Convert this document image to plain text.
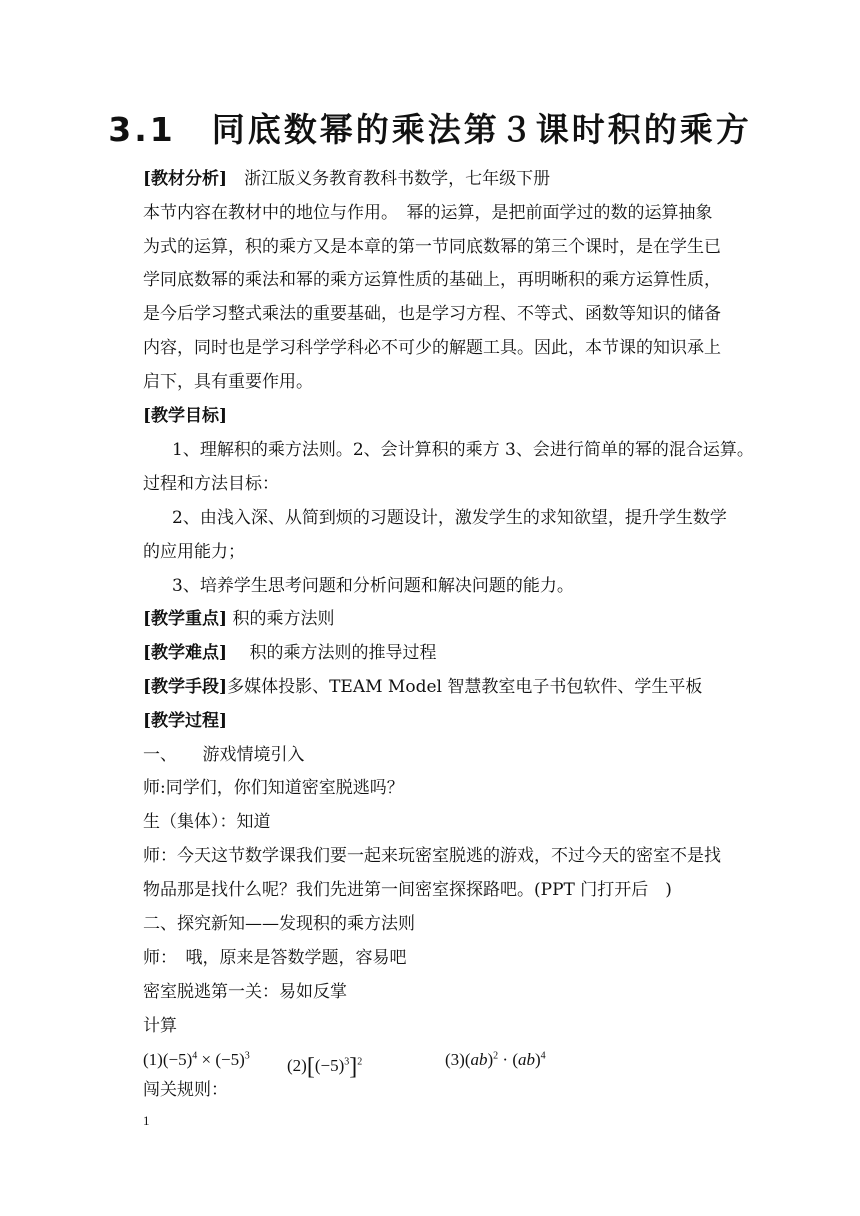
3.1　同底数幂的乘法第３课时积的乘方
[教材分析]　浙江版义务教育教科书数学，七年级下册
本节内容在教材中的地位与作用。　幂的运算，是把前面学过的数的运算抽象
为式的运算，积的乘方又是本章的第一节同底数幂的第三个课时，是在学生已
学同底数幂的乘法和幂的乘方运算性质的基础上，再明晰积的乘方运算性质，
是今后学习整式乘法的重要基础，也是学习方程、不等式、函数等知识的储备
内容，同时也是学习科学学科必不可少的解题工具。因此，本节课的知识承上
启下，具有重要作用。
[教学目标]
1、理解积的乘方法则。2、会计算积的乘方 3、会进行简单的幂的混合运算。
过程和方法目标：
2、由浅入深、从简到烦的习题设计，激发学生的求知欲望，提升学生数学
的应用能力；
3、培养学生思考问题和分析问题和解决问题的能力。
[教学重点] 积的乘方法则
[教学难点]　 积的乘方法则的推导过程
[教学手段]多媒体投影、TEAM Model 智慧教室电子书包软件、学生平板
[教学过程]
一、　　游戏情境引入
师:同学们，你们知道密室脱逃吗？
生（集体）：知道
师：今天这节数学课我们要一起来玩密室脱逃的游戏，不过今天的密室不是找
物品那是找什么呢？我们先进第一间密室探探路吧。(PPT 门打开后　)
二、探究新知——发现积的乘方法则
师：　哦，原来是答数学题，容易吧
密室脱逃第一关：易如反掌
计算
$(1)(-5)^4 \times (-5)^3$
$(2)[(-5)^3]^2$	(3)(ab)$^2$ · (ab)$^4$
闯关规则：
1
